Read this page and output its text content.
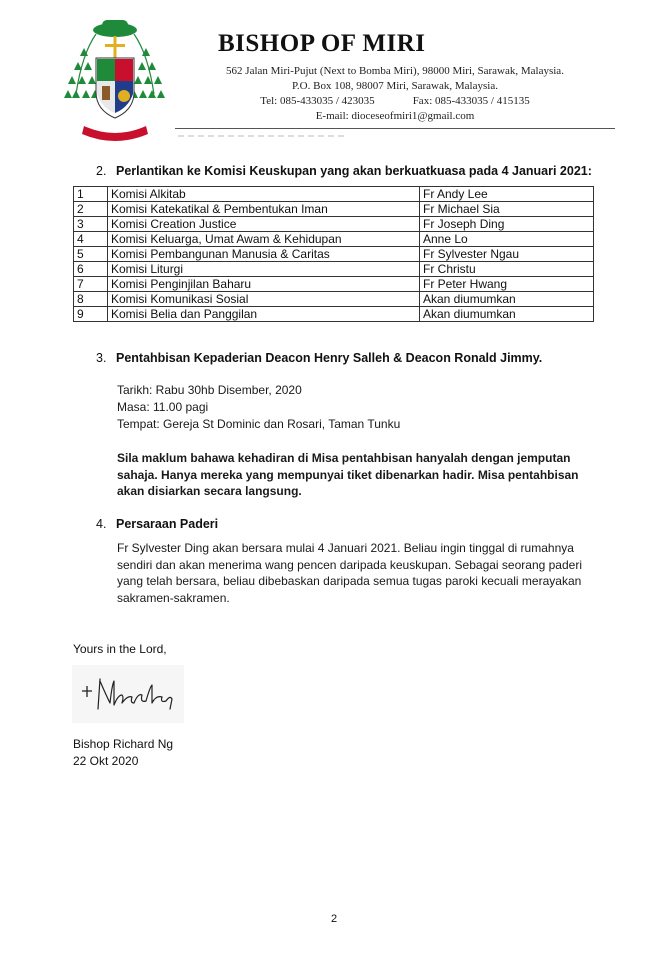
BISHOP OF MIRI
562 Jalan Miri-Pujut (Next to Bomba Miri), 98000 Miri, Sarawak, Malaysia.
P.O. Box 108, 98007 Miri, Sarawak, Malaysia.
Tel: 085-433035 / 423035	Fax: 085-433035 / 415135
E-mail: dioceseofmiri1@gmail.com
2. Perlantikan ke Komisi Keuskupan yang akan berkuatkuasa pada 4 Januari 2021:
1	Komisi Alkitab	Fr Andy Lee
2	Komisi Katekatikal & Pembentukan Iman	Fr Michael Sia
3	Komisi Creation Justice	Fr Joseph Ding
4	Komisi Keluarga, Umat Awam & Kehidupan	Anne Lo
5	Komisi Pembangunan Manusia & Caritas	Fr Sylvester Ngau
6	Komisi Liturgi	Fr Christu
7	Komisi Penginjilan Baharu	Fr Peter Hwang
8	Komisi Komunikasi Sosial	Akan diumumkan
9	Komisi Belia dan Panggilan	Akan diumumkan
3. Pentahbisan Kepaderian Deacon Henry Salleh & Deacon Ronald Jimmy.
Tarikh: Rabu 30hb Disember, 2020
Masa: 11.00 pagi
Tempat: Gereja St Dominic dan Rosari, Taman Tunku
Sila maklum bahawa kehadiran di Misa pentahbisan hanyalah dengan jemputan sahaja. Hanya mereka yang mempunyai tiket dibenarkan hadir. Misa pentahbisan akan disiarkan secara langsung.
4. Persaraan Paderi
Fr Sylvester Ding akan bersara mulai 4 Januari 2021. Beliau ingin tinggal di rumahnya sendiri dan akan menerima wang pencen daripada keuskupan. Sebagai seorang paderi yang telah bersara, beliau dibebaskan daripada semua tugas paroki kecuali merayakan sakramen-sakramen.
Yours in the Lord,
Bishop Richard Ng
22 Okt 2020
2
